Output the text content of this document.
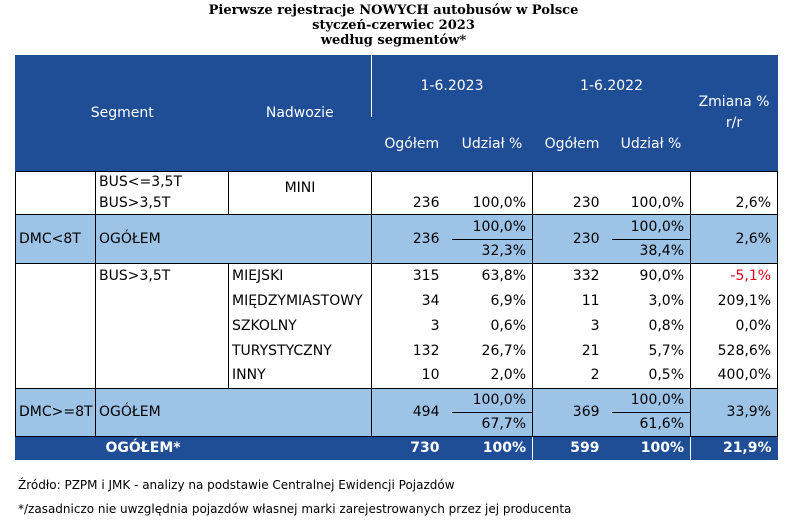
Pierwsze rejestracje NOWYCH autobusów w Polsce
styczeń-czerwiec 2023
według segmentów*
Segment		Nadwozie	1-6.2023		1-6.2022		Zmiana % r/r
			Ogółem	Udział %	Ogółem	Udział %	
	BUS<=3,5T	MINI					
	BUS>3,5T		236	100,0%	230	100,0%	2,6%
DMC<8T	OGÓŁEM		236	100,0%	230	100,0%	2,6%
				32,3%		38,4%	
	BUS>3,5T	MIEJSKI	315	63,8%	332	90,0%	-5,1%
		MIĘDZYMIASTOWY	34	6,9%	11	3,0%	209,1%
		SZKOLNY	3	0,6%	3	0,8%	0,0%
		TURYSTYCZNY	132	26,7%	21	5,7%	528,6%
		INNY	10	2,0%	2	0,5%	400,0%
DMC>=8T	OGÓŁEM		494	100,0%	369	100,0%	33,9%
				67,7%		61,6%	
	OGÓŁEM*		730	100%	599	100%	21,9%
Źródło: PZPM i JMK - analizy na podstawie Centralnej Ewidencji Pojazdów
*/zasadniczo nie uwzględnia pojazdów własnej marki zarejestrowanych przez jej producenta
